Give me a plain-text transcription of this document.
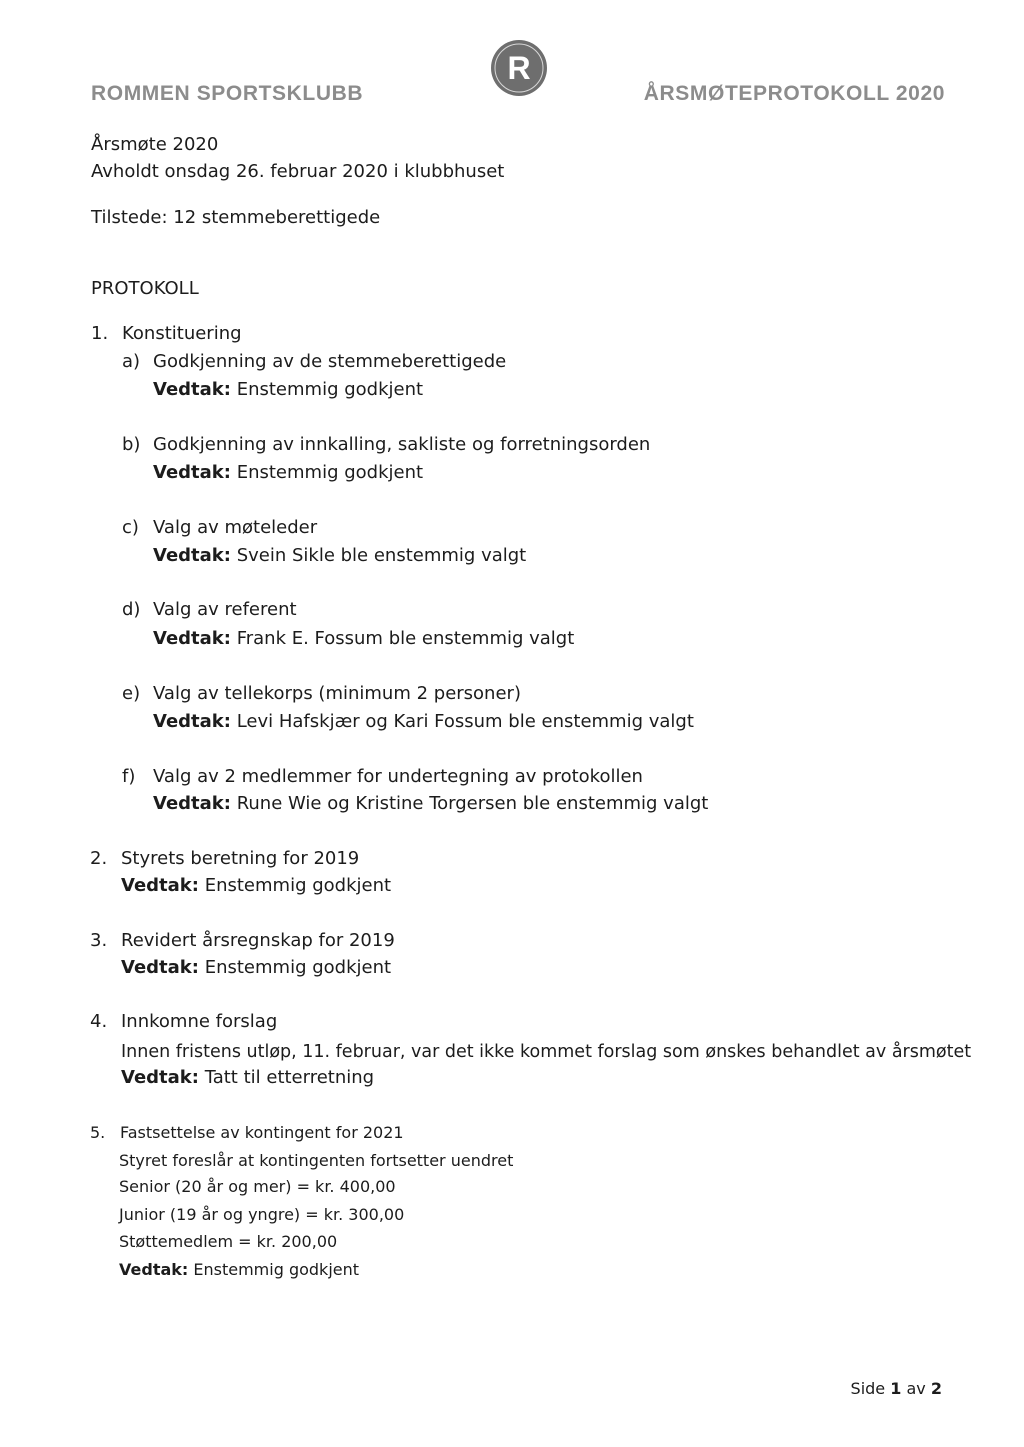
ROMMEN SPORTSKLUBB
R
ÅRSMØTEPROTOKOLL 2020
Årsmøte 2020
Avholdt onsdag 26. februar 2020 i klubbhuset
Tilstede: 12 stemmeberettigede
PROTOKOLL
1. Konstituering
a) Godkjenning av de stemmeberettigede
Vedtak: Enstemmig godkjent
b) Godkjenning av innkalling, sakliste og forretningsorden
Vedtak: Enstemmig godkjent
c) Valg av møteleder
Vedtak: Svein Sikle ble enstemmig valgt
d) Valg av referent
Vedtak: Frank E. Fossum ble enstemmig valgt
e) Valg av tellekorps (minimum 2 personer)
Vedtak: Levi Hafskjær og Kari Fossum ble enstemmig valgt
f) Valg av 2 medlemmer for undertegning av protokollen
Vedtak: Rune Wie og Kristine Torgersen ble enstemmig valgt
2. Styrets beretning for 2019
Vedtak: Enstemmig godkjent
3. Revidert årsregnskap for 2019
Vedtak: Enstemmig godkjent
4. Innkomne forslag
Innen fristens utløp, 11. februar, var det ikke kommet forslag som ønskes behandlet av årsmøtet
Vedtak: Tatt til etterretning
5. Fastsettelse av kontingent for 2021
Styret foreslår at kontingenten fortsetter uendret
Senior (20 år og mer) = kr. 400,00
Junior (19 år og yngre) = kr. 300,00
Støttemedlem = kr. 200,00
Vedtak: Enstemmig godkjent
Side 1 av 2
